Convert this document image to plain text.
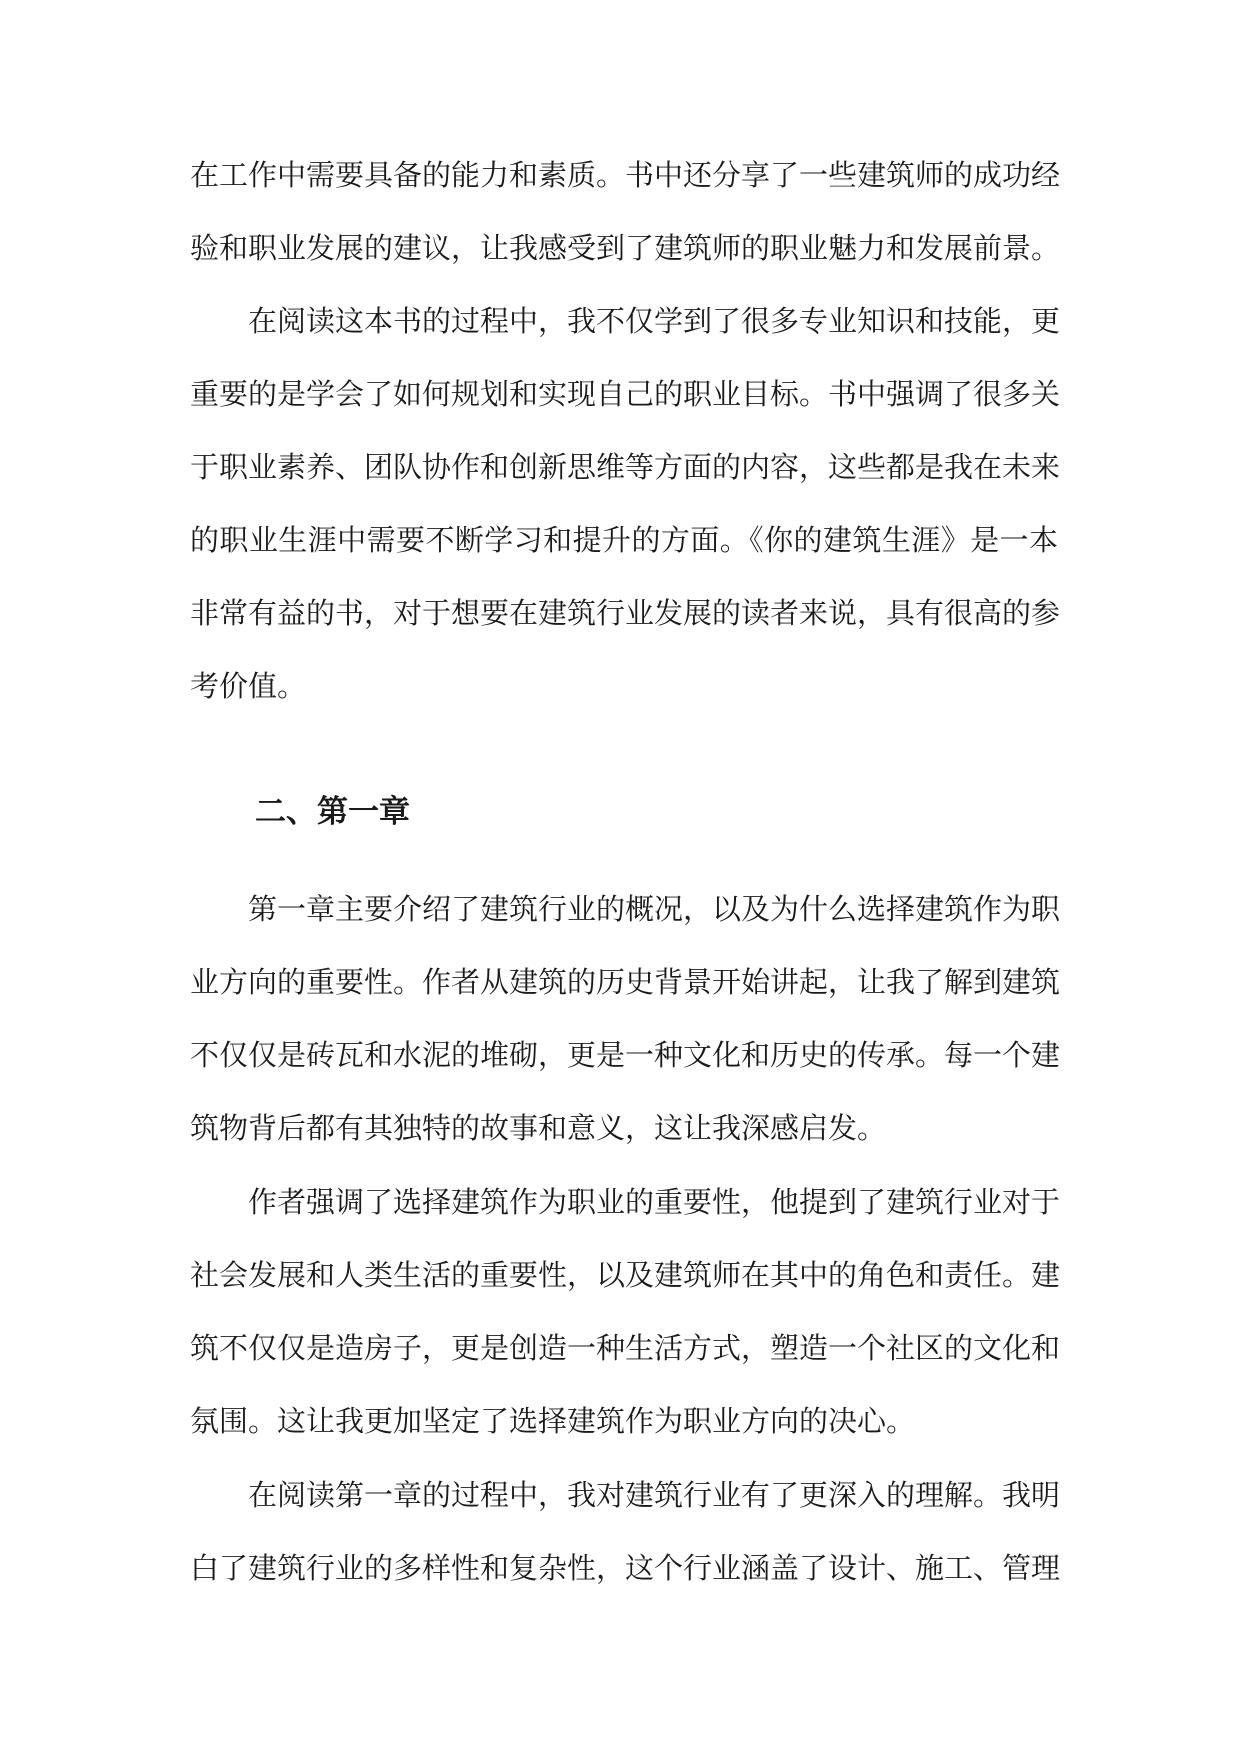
在工作中需要具备的能力和素质。书中还分享了一些建筑师的成功经
验和职业发展的建议，让我感受到了建筑师的职业魅力和发展前景。
在阅读这本书的过程中，我不仅学到了很多专业知识和技能，更
重要的是学会了如何规划和实现自己的职业目标。书中强调了很多关
于职业素养、团队协作和创新思维等方面的内容，这些都是我在未来
的职业生涯中需要不断学习和提升的方面。《你的建筑生涯》是一本
非常有益的书，对于想要在建筑行业发展的读者来说，具有很高的参
考价值。
二、第一章
第一章主要介绍了建筑行业的概况，以及为什么选择建筑作为职
业方向的重要性。作者从建筑的历史背景开始讲起，让我了解到建筑
不仅仅是砖瓦和水泥的堆砌，更是一种文化和历史的传承。每一个建
筑物背后都有其独特的故事和意义，这让我深感启发。
作者强调了选择建筑作为职业的重要性，他提到了建筑行业对于
社会发展和人类生活的重要性，以及建筑师在其中的角色和责任。建
筑不仅仅是造房子，更是创造一种生活方式，塑造一个社区的文化和
氛围。这让我更加坚定了选择建筑作为职业方向的决心。
在阅读第一章的过程中，我对建筑行业有了更深入的理解。我明
白了建筑行业的多样性和复杂性，这个行业涵盖了设计、施工、管理
